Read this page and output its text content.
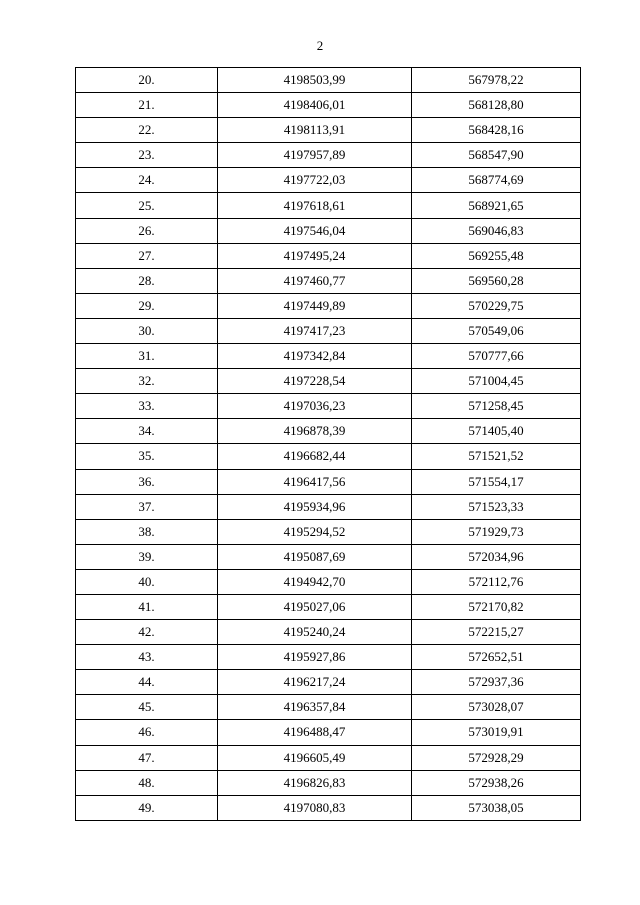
2
20.	4198503,99	567978,22
21.	4198406,01	568128,80
22.	4198113,91	568428,16
23.	4197957,89	568547,90
24.	4197722,03	568774,69
25.	4197618,61	568921,65
26.	4197546,04	569046,83
27.	4197495,24	569255,48
28.	4197460,77	569560,28
29.	4197449,89	570229,75
30.	4197417,23	570549,06
31.	4197342,84	570777,66
32.	4197228,54	571004,45
33.	4197036,23	571258,45
34.	4196878,39	571405,40
35.	4196682,44	571521,52
36.	4196417,56	571554,17
37.	4195934,96	571523,33
38.	4195294,52	571929,73
39.	4195087,69	572034,96
40.	4194942,70	572112,76
41.	4195027,06	572170,82
42.	4195240,24	572215,27
43.	4195927,86	572652,51
44.	4196217,24	572937,36
45.	4196357,84	573028,07
46.	4196488,47	573019,91
47.	4196605,49	572928,29
48.	4196826,83	572938,26
49.	4197080,83	573038,05
